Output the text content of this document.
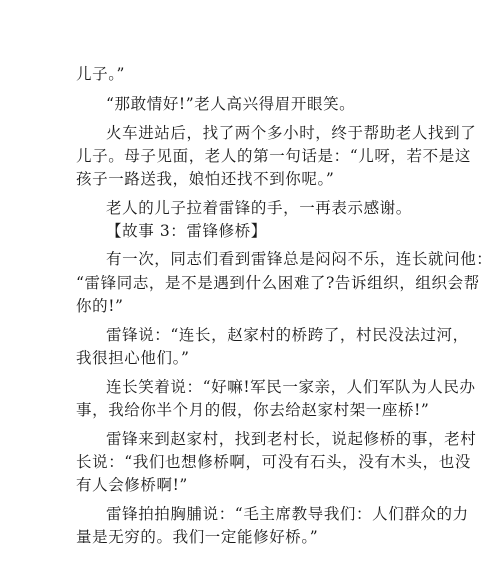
儿子。”
“那敢情好!”老人高兴得眉开眼笑。
火车进站后，找了两个多小时，终于帮助老人找到了
儿子。母子见面，老人的第一句话是：“儿呀，若不是这
孩子一路送我，娘怕还找不到你呢。”
老人的儿子拉着雷锋的手，一再表示感谢。
【故事 3：雷锋修桥】
有一次，同志们看到雷锋总是闷闷不乐，连长就问他：
“雷锋同志，是不是遇到什么困难了?告诉组织，组织会帮
你的!”
雷锋说：“连长，赵家村的桥跨了，村民没法过河，
我很担心他们。”
连长笑着说：“好嘛!军民一家亲，人们军队为人民办
事，我给你半个月的假，你去给赵家村架一座桥!”
雷锋来到赵家村，找到老村长，说起修桥的事，老村
长说：“我们也想修桥啊，可没有石头，没有木头，也没
有人会修桥啊!”
雷锋拍拍胸脯说：“毛主席教导我们：人们群众的力
量是无穷的。我们一定能修好桥。”
